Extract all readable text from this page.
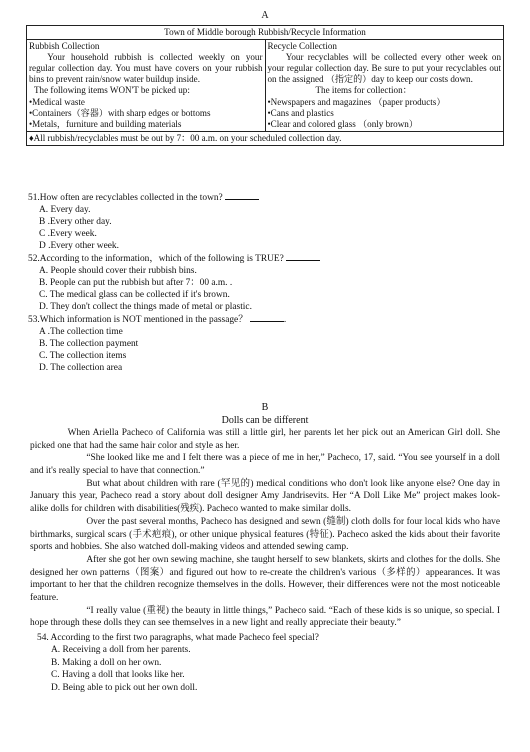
A
Town of Middle borough Rubbish/Recycle Information

Rubbish Collection
Your household rubbish is collected weekly on your regular collection day. You must have covers on your rubbish bins to prevent rain/snow water buildup inside.
The following items WON'T be picked up:
•Medical waste
•Containers（容器）with sharp edges or bottoms
•Metals，furniture and building materials

Recycle Collection
Your recyclables will be collected every other week on your regular collection day. Be sure to put your recyclables out on the assigned （指定的）day to keep our costs down.
The items for collection：
•Newspapers and magazines （paper products）
•Cans and plastics
•Clear and colored glass （only brown）

♦All rubbish/recyclables must be out by 7：00 a.m. on your scheduled collection day.

51.How often are recyclables collected in the town?

A. Every day.

B .Every other day.

C .Every week.

D .Every other week.

52.According to the information，which of the following is TRUE?

A. People should cover their rubbish bins.

B. People can put the rubbish but after 7：00 a.m. .

C. The medical glass can be collected if it's brown.

D. They don't collect the things made of metal or plastic.

53.Which information is NOT mentioned in the passage？	.

A .The collection time

B. The collection payment

C. The collection items

D. The collection area

B
Dolls can be different

When Ariella Pacheco of California was still a little girl, her parents let her pick out an American Girl doll. She picked one that had the same hair color and style as her.

“She looked like me and I felt there was a piece of me in her,” Pacheco, 17, said. “You see yourself in a doll and it's really special to have that connection.”

But what about children with rare (罕见的) medical conditions who don't look like anyone else? One day in January this year, Pacheco read a story about doll designer Amy Jandrisevits. Her “A Doll Like Me” project makes look-alike dolls for children with disabilities(残疾). Pacheco wanted to make similar dolls.

Over the past several months, Pacheco has designed and sewn (缝制) cloth dolls for four local kids who have birthmarks, surgical scars (手术疤痕), or other unique physical features (特征). Pacheco asked the kids about their favorite sports and hobbies. She also watched doll-making videos and attended sewing camp.

After she got her own sewing machine, she taught herself to sew blankets, skirts and clothes for the dolls. She designed her own patterns（图案）and figured out how to re-create the children's various（多样的）appearances. It was important to her that the children recognize themselves in the dolls. However, their differences were not the most noticeable feature.

“I really value (重视) the beauty in little things,” Pacheco said. “Each of these kids is so unique, so special. I hope through these dolls they can see themselves in a new light and really appreciate their beauty.”

54. According to the first two paragraphs, what made Pacheco feel special?

A. Receiving a doll from her parents.

B. Making a doll on her own.

C. Having a doll that looks like her.

D. Being able to pick out her own doll.
